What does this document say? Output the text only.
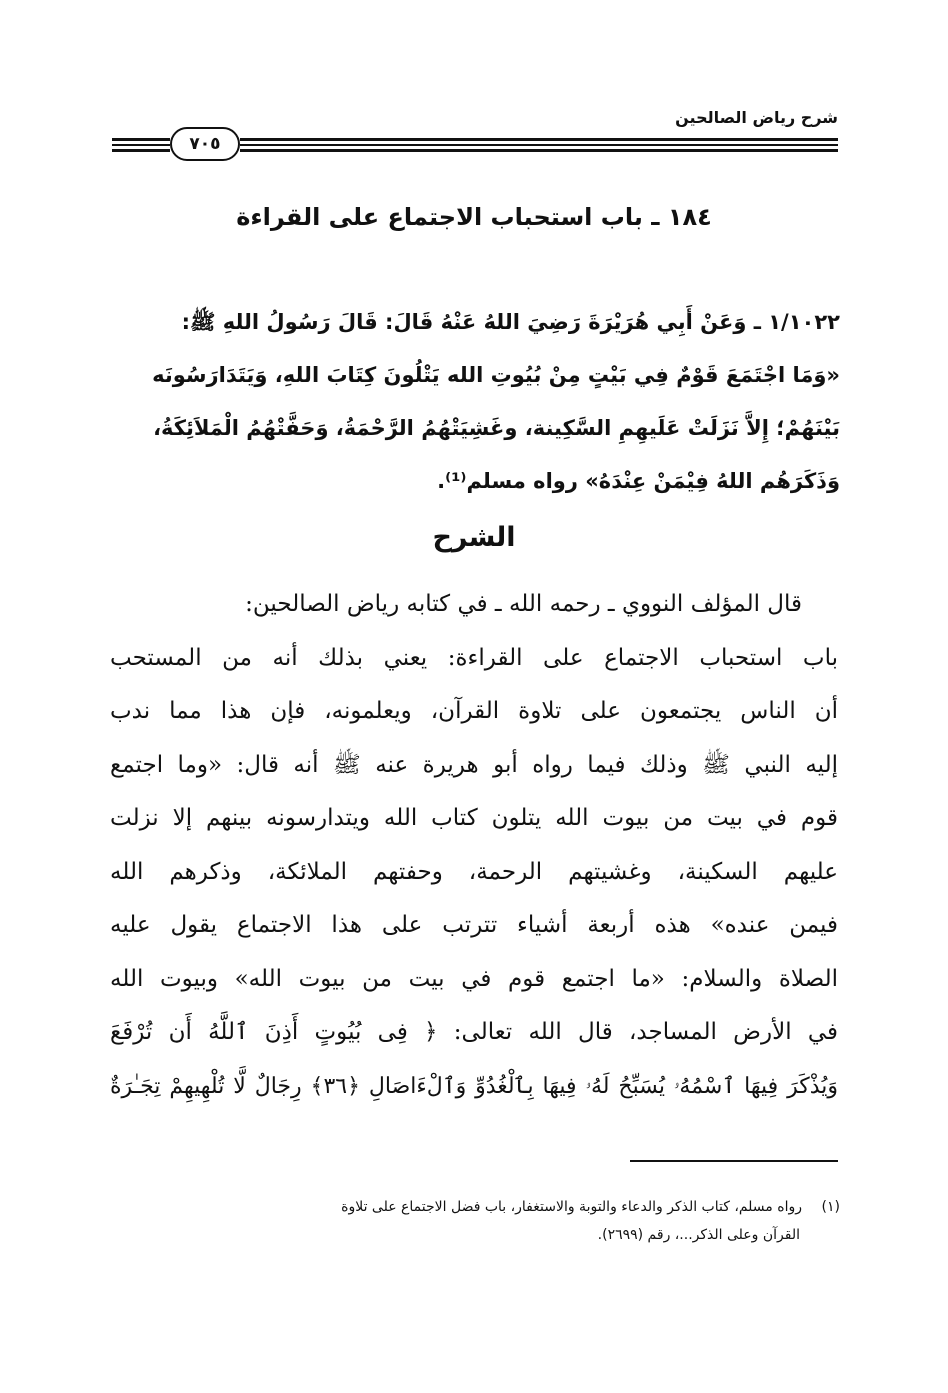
شرح رياض الصالحين
٧٠٥
١٨٤ ـ باب استحباب الاجتماع على القراءة
١/١٠٢٢ ـ وَعَنْ أَبِي هُرَيْرَةَ رَضِيَ اللهُ عَنْهُ قَالَ: قَالَ رَسُولُ اللهِ ﷺ:
«وَمَا اجْتَمَعَ قَوْمٌ فِي بَيْتٍ مِنْ بُيُوتِ الله يَتْلُونَ كِتَابَ اللهِ، وَيَتَدَارَسُونَه
بَيْنَهُمْ؛ إِلاَّ نَزَلَتْ عَلَيهِمِ السَّكِينة، وغَشِيَتْهُمُ الرَّحْمَةُ، وَحَفَّتْهُمُ الْمَلاَئِكَةُ،
وَذَكَرَهُم اللهُ فِيْمَنْ عِنْدَهُ» رواه مسلم⁽¹⁾.
الشرح
قال المؤلف النووي ـ رحمه الله ـ في كتابه رياض الصالحين:
باب استحباب الاجتماع على القراءة: يعني بذلك أنه من المستحب
أن الناس يجتمعون على تلاوة القرآن، ويعلمونه، فإن هذا مما ندب
إليه النبي ﷺ وذلك فيما رواه أبو هريرة عنه ﷺ أنه قال: «وما اجتمع
قوم في بيت من بيوت الله يتلون كتاب الله ويتدارسونه بينهم إلا نزلت
عليهم السكينة، وغشيتهم الرحمة، وحفتهم الملائكة، وذكرهم الله
فيمن عنده» هذه أربعة أشياء تترتب على هذا الاجتماع يقول عليه
الصلاة والسلام: «ما اجتمع قوم في بيت من بيوت الله» وبيوت الله
في الأرض المساجد، قال الله تعالى: ﴿ فِى بُيُوتٍ أَذِنَ ٱللَّهُ أَن تُرْفَعَ
وَيُذْكَرَ فِيهَا ٱسْمُهُۥ يُسَبِّحُ لَهُۥ فِيهَا بِٱلْغُدُوِّ وَٱلْءَاصَالِ ﴿٣٦﴾ رِجَالٌ لَّا تُلْهِيهِمْ تِجَـٰرَةٌ
(١)رواه مسلم، كتاب الذكر والدعاء والتوبة والاستغفار، باب فضل الاجتماع على تلاوة
القرآن وعلى الذكر...، رقم (٢٦٩٩).
